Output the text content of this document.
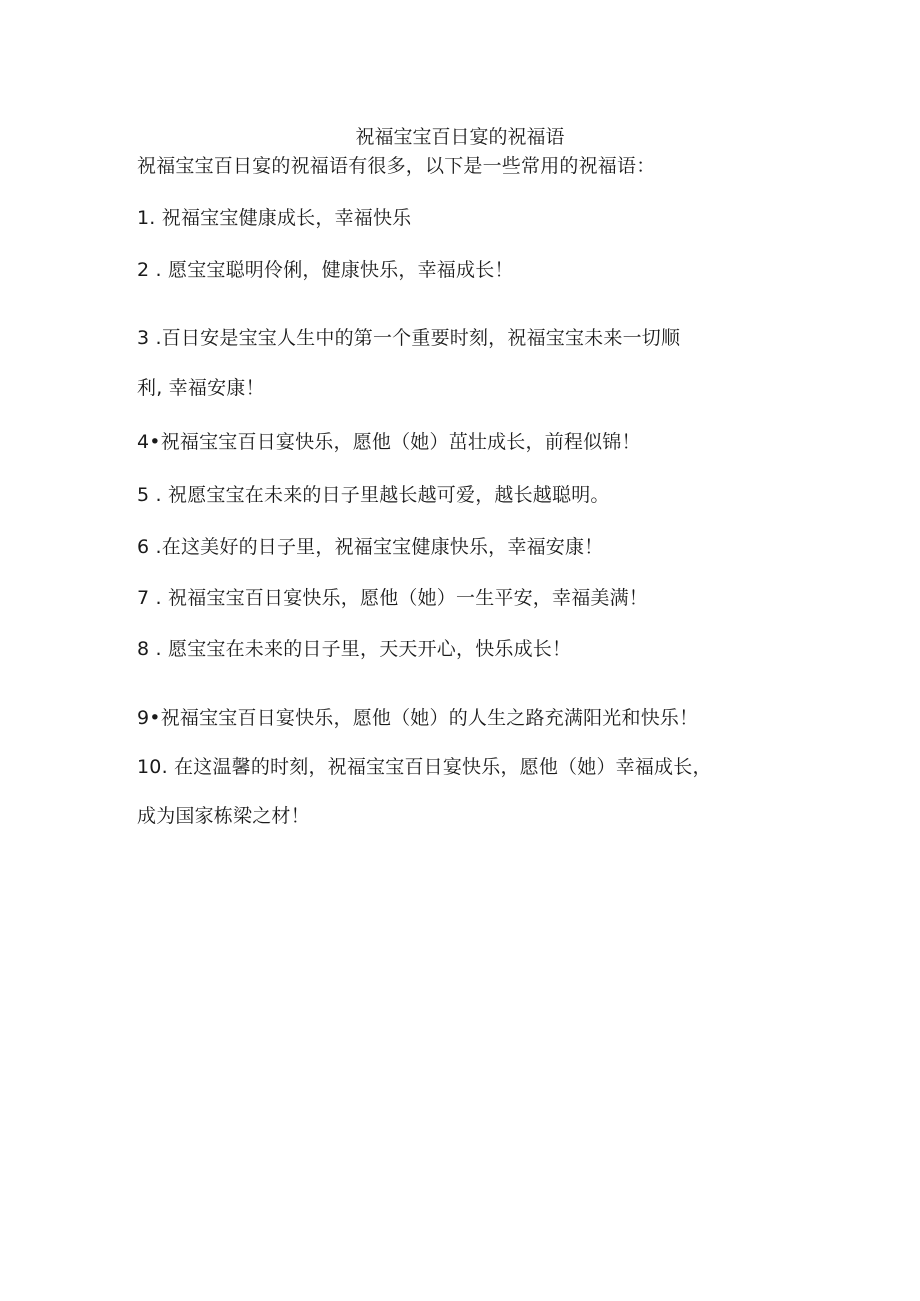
祝福宝宝百日宴的祝福语
祝福宝宝百日宴的祝福语有很多，以下是一些常用的祝福语：
1. 祝福宝宝健康成长，幸福快乐
2 . 愿宝宝聪明伶俐，健康快乐，幸福成长！
3 .百日安是宝宝人生中的第一个重要时刻，祝福宝宝未来一切顺
利, 幸福安康！
4•祝福宝宝百日宴快乐，愿他（她）茁壮成长，前程似锦！
5 . 祝愿宝宝在未来的日子里越长越可爱，越长越聪明。
6 .在这美好的日子里，祝福宝宝健康快乐，幸福安康！
7 . 祝福宝宝百日宴快乐，愿他（她）一生平安，幸福美满！
8 . 愿宝宝在未来的日子里，天天开心，快乐成长！
9•祝福宝宝百日宴快乐，愿他（她）的人生之路充满阳光和快乐！
10. 在这温馨的时刻，祝福宝宝百日宴快乐，愿他（她）幸福成长，
成为国家栋梁之材！
